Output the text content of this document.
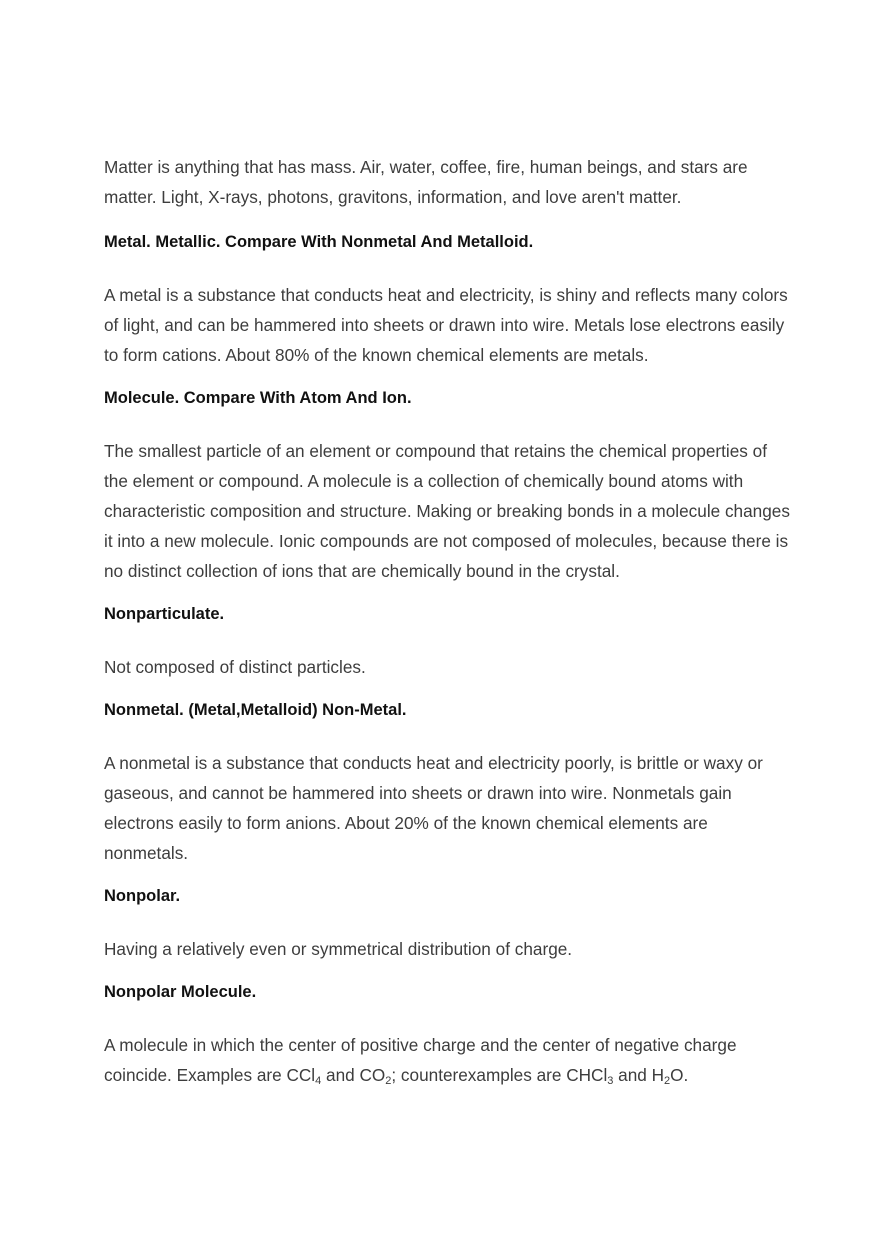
Matter is anything that has mass. Air, water, coffee, fire, human beings, and stars are matter. Light, X-rays, photons, gravitons, information, and love aren't matter.

Metal. Metallic. Compare With Nonmetal And Metalloid.

A metal is a substance that conducts heat and electricity, is shiny and reflects many colors of light, and can be hammered into sheets or drawn into wire. Metals lose electrons easily to form cations. About 80% of the known chemical elements are metals.

Molecule. Compare With Atom And Ion.

The smallest particle of an element or compound that retains the chemical properties of the element or compound. A molecule is a collection of chemically bound atoms with characteristic composition and structure. Making or breaking bonds in a molecule changes it into a new molecule. Ionic compounds are not composed of molecules, because there is no distinct collection of ions that are chemically bound in the crystal.

Nonparticulate.

Not composed of distinct particles.

Nonmetal. (Metal,Metalloid) Non-Metal.

A nonmetal is a substance that conducts heat and electricity poorly, is brittle or waxy or gaseous, and cannot be hammered into sheets or drawn into wire. Nonmetals gain electrons easily to form anions. About 20% of the known chemical elements are nonmetals.

Nonpolar.

Having a relatively even or symmetrical distribution of charge.

Nonpolar Molecule.

A molecule in which the center of positive charge and the center of negative charge coincide. Examples are CCl$_4$ and $CO_2$; counterexamples are CHCl$_3$ and $H_2O$.
